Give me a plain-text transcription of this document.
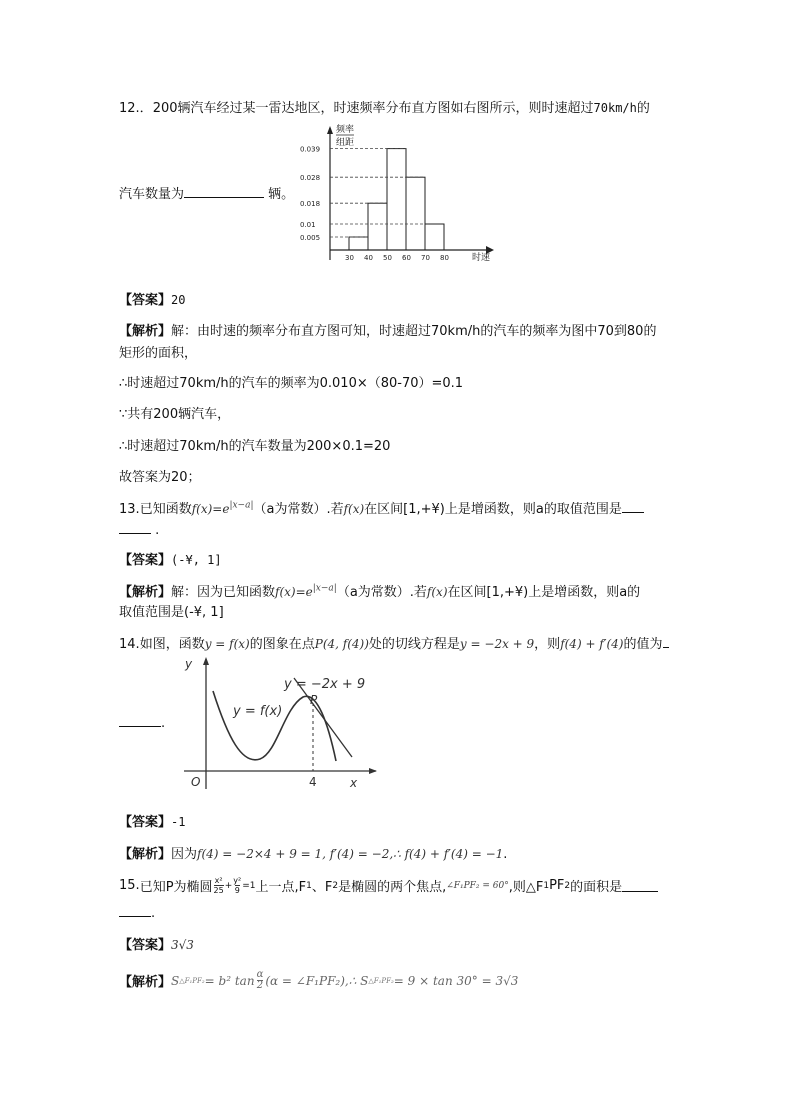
12.．200辆汽车经过某一雷达地区，时速频率分布直方图如右图所示，则时速超过70km/h的
频率
组距
0.005
0.01
0.018
0.028
0.039
30 40 50 60 70 80	时速
汽车数量为	辆。
【答案】20
【解析】解：由时速的频率分布直方图可知，时速超过70km/h的汽车的频率为图中70到80的
矩形的面积，
∴时速超过70km/h的汽车的频率为0.010×（80-70）=0.1
∵共有200辆汽车，
∴时速超过70km/h的汽车数量为200×0.1=20
故答案为20；
13.已知函数$f(x)=e^{|x-a|}(a$为常数）.若f(x)在区间[1,+¥)上是增函数，则a的取值范围是
.
【答案】(-¥, 1]
【解析】解：因为已知函数$f(x)=e^{|x-a|}(a$为常数）.若f(x)在区间[1,+¥)上是增函数，则a的
取值范围是(-¥, 1]
14.如图，函数y = f(x)的图象在点P(4, f(4))处的切线方程是y = −2x + 9，则f(4) + f′(4)的值为
.
y = −2x + 9
y = f(x)
P
O	x
y
4
【答案】-1
【解析】因为f(4) = −2×4 + 9 = 1, f′(4) = −2,∴ f(4) + f′(4) = −1.
15. 已知P为椭圆 $\frac{\text{x²}}{25} + \frac{\text{y²}}{9} =1$ 上一点,F 1 、F 2 是椭圆的两个焦点, ∠F₁PF₂ = 60° ,则△F 1 PF 2 的面积是
.
【答案】3√3
【解析】 S △F₁PF₂ = b² $\tan \frac{\alpha}{2} (\alpha$ = ∠F₁PF₂),∴ S △F₁PF₂ = 9 × tan 30° = 3√3
